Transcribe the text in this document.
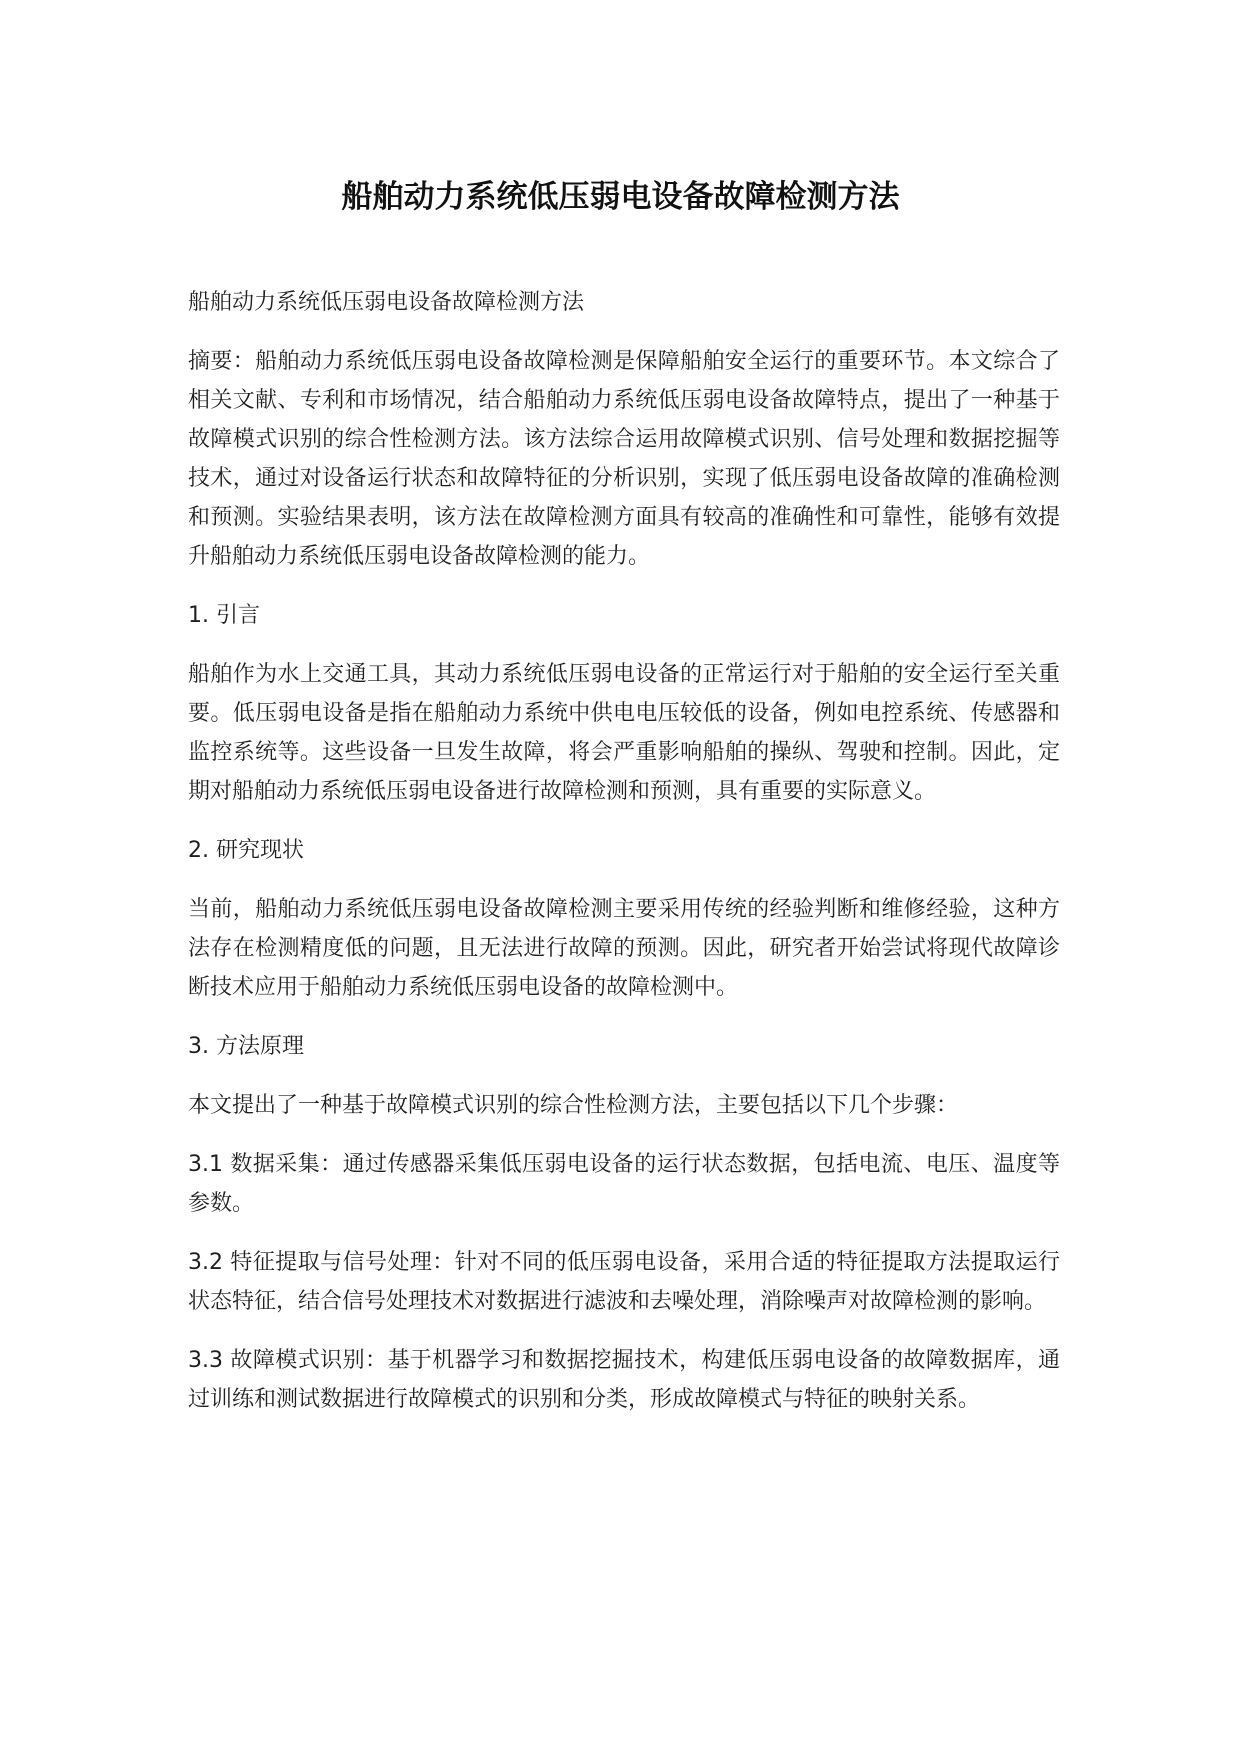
船舶动力系统低压弱电设备故障检测方法

船舶动力系统低压弱电设备故障检测方法

摘要：船舶动力系统低压弱电设备故障检测是保障船舶安全运行的重要环节。本文综合了相关文献、专利和市场情况，结合船舶动力系统低压弱电设备故障特点，提出了一种基于故障模式识别的综合性检测方法。该方法综合运用故障模式识别、信号处理和数据挖掘等技术，通过对设备运行状态和故障特征的分析识别，实现了低压弱电设备故障的准确检测和预测。实验结果表明，该方法在故障检测方面具有较高的准确性和可靠性，能够有效提升船舶动力系统低压弱电设备故障检测的能力。

1. 引言

船舶作为水上交通工具，其动力系统低压弱电设备的正常运行对于船舶的安全运行至关重要。低压弱电设备是指在船舶动力系统中供电电压较低的设备，例如电控系统、传感器和监控系统等。这些设备一旦发生故障，将会严重影响船舶的操纵、驾驶和控制。因此，定期对船舶动力系统低压弱电设备进行故障检测和预测，具有重要的实际意义。

2. 研究现状

当前，船舶动力系统低压弱电设备故障检测主要采用传统的经验判断和维修经验，这种方法存在检测精度低的问题，且无法进行故障的预测。因此，研究者开始尝试将现代故障诊断技术应用于船舶动力系统低压弱电设备的故障检测中。

3. 方法原理

本文提出了一种基于故障模式识别的综合性检测方法，主要包括以下几个步骤：

3.1 数据采集：通过传感器采集低压弱电设备的运行状态数据，包括电流、电压、温度等参数。

3.2 特征提取与信号处理：针对不同的低压弱电设备，采用合适的特征提取方法提取运行状态特征，结合信号处理技术对数据进行滤波和去噪处理，消除噪声对故障检测的影响。

3.3 故障模式识别：基于机器学习和数据挖掘技术，构建低压弱电设备的故障数据库，通过训练和测试数据进行故障模式的识别和分类，形成故障模式与特征的映射关系。
